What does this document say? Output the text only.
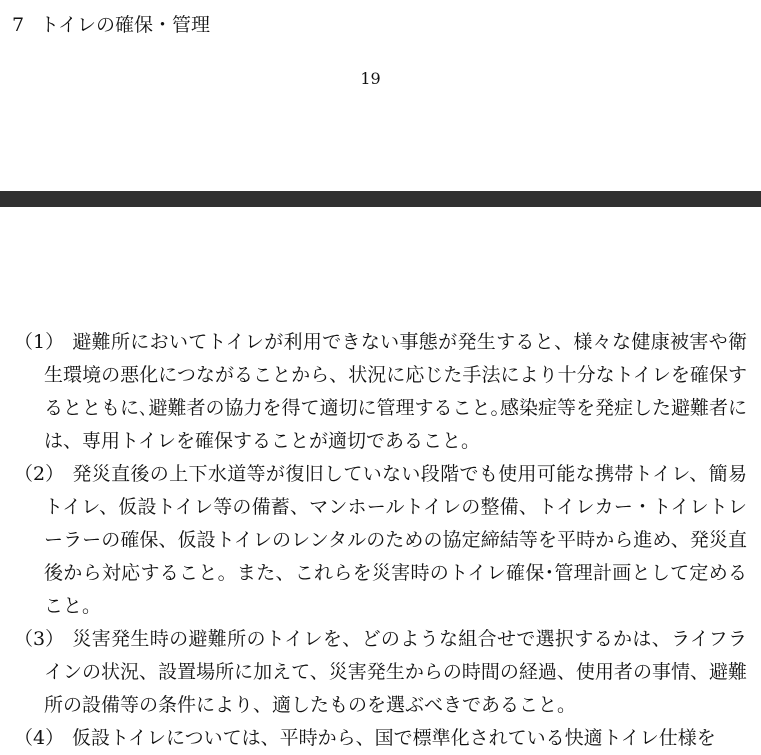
7 トイレの確保・管理
19
（1） 避難所においてトイレが利用できない事態が発生すると、様々な健康被害や衛生環境の悪化につながることから、状況に応じた手法により十分なトイレを確保するとともに､避難者の協力を得て適切に管理すること｡感染症等を発症した避難者には、専用トイレを確保することが適切であること。
（2） 発災直後の上下水道等が復旧していない段階でも使用可能な携帯トイレ、簡易トイレ、仮設トイレ等の備蓄、マンホールトイレの整備、トイレカー・トイレトレーラーの確保、仮設トイレのレンタルのための協定締結等を平時から進め、発災直後から対応すること。また、これらを災害時のトイレ確保･管理計画として定めること。
（3） 災害発生時の避難所のトイレを、どのような組合せで選択するかは、ライフラインの状況、設置場所に加えて、災害発生からの時間の経過、使用者の事情、避難所の設備等の条件により、適したものを選ぶべきであること。
（4） 仮設トイレについては、平時から、国で標準化されている快適トイレ仕様を
